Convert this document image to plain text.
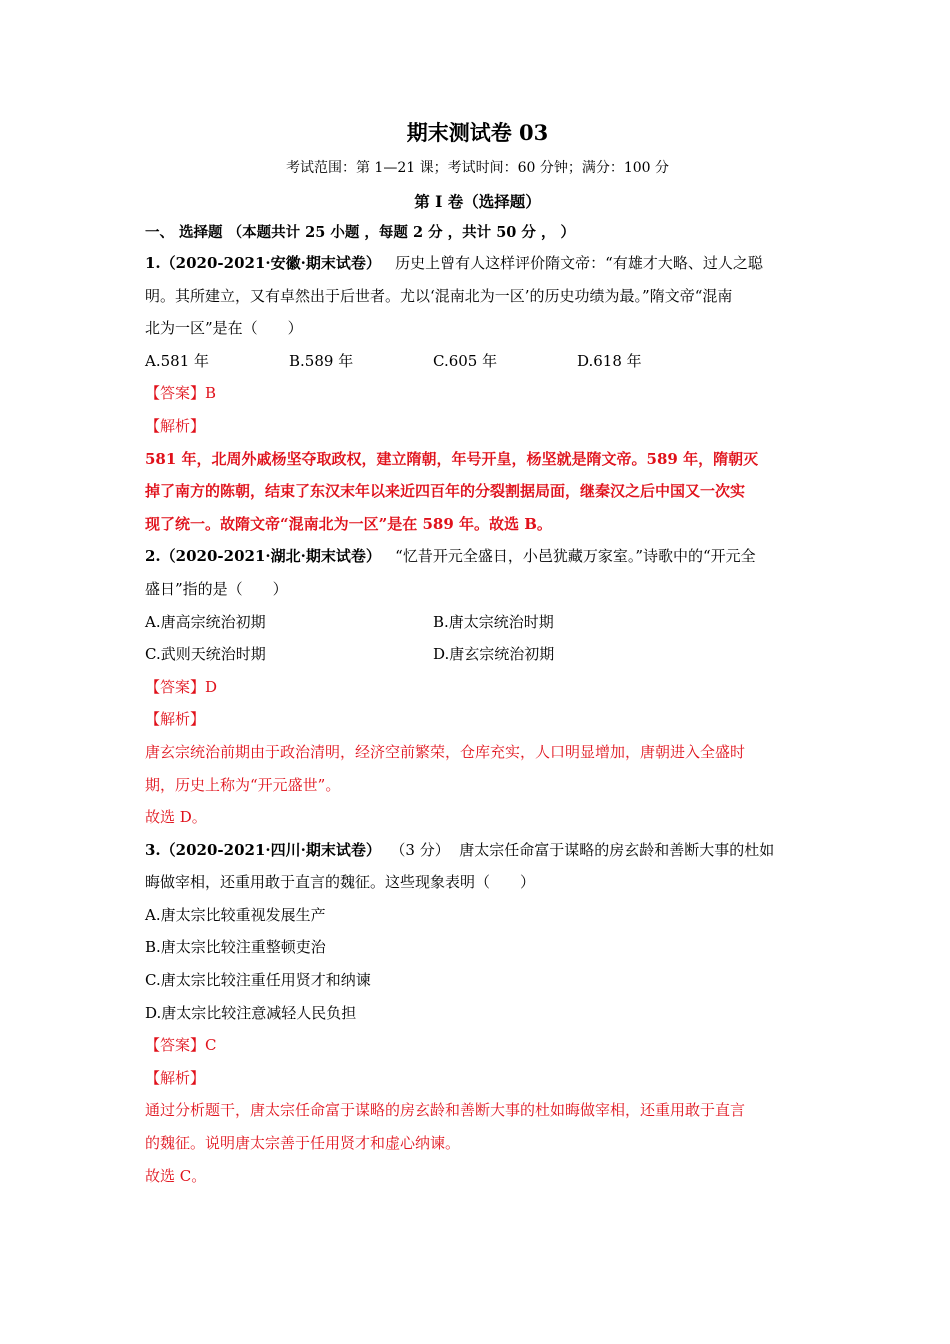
期末测试卷 03
考试范围：第 1—21 课；考试时间：60 分钟；满分：100 分
第 I 卷（选择题）
一、 选择题 （本题共计 25 小题 ，每题 2 分 ，共计 50 分 ， ）
1.（2020-2021·安徽·期末试卷） 历史上曾有人这样评价隋文帝：“有雄才大略、过人之聪
明。其所建立，又有卓然出于后世者。尤以‘混南北为一区’的历史功绩为最。”隋文帝“混南
北为一区”是在（　　）
A.581 年	B.589 年	C.605 年	D.618 年
【答案】B
【解析】
581 年，北周外戚杨坚夺取政权，建立隋朝，年号开皇，杨坚就是隋文帝。589 年，隋朝灭
掉了南方的陈朝，结束了东汉末年以来近四百年的分裂割据局面，继秦汉之后中国又一次实
现了统一。故隋文帝“混南北为一区”是在 589 年。故选 B。
2.（2020-2021·湖北·期末试卷） “忆昔开元全盛日，小邑犹藏万家室。”诗歌中的“开元全
盛日”指的是（　　）
A.唐高宗统治初期	B.唐太宗统治时期
C.武则天统治时期	D.唐玄宗统治初期
【答案】D
【解析】
唐玄宗统治前期由于政治清明，经济空前繁荣，仓库充实，人口明显增加，唐朝进入全盛时
期，历史上称为“开元盛世”。
故选 D。
3.（2020-2021·四川·期末试卷） （3 分） 唐太宗任命富于谋略的房玄龄和善断大事的杜如
晦做宰相，还重用敢于直言的魏征。这些现象表明（　　）
A.唐太宗比较重视发展生产
B.唐太宗比较注重整顿吏治
C.唐太宗比较注重任用贤才和纳谏
D.唐太宗比较注意减轻人民负担
【答案】C
【解析】
通过分析题干，唐太宗任命富于谋略的房玄龄和善断大事的杜如晦做宰相，还重用敢于直言
的魏征。说明唐太宗善于任用贤才和虚心纳谏。
故选 C。
